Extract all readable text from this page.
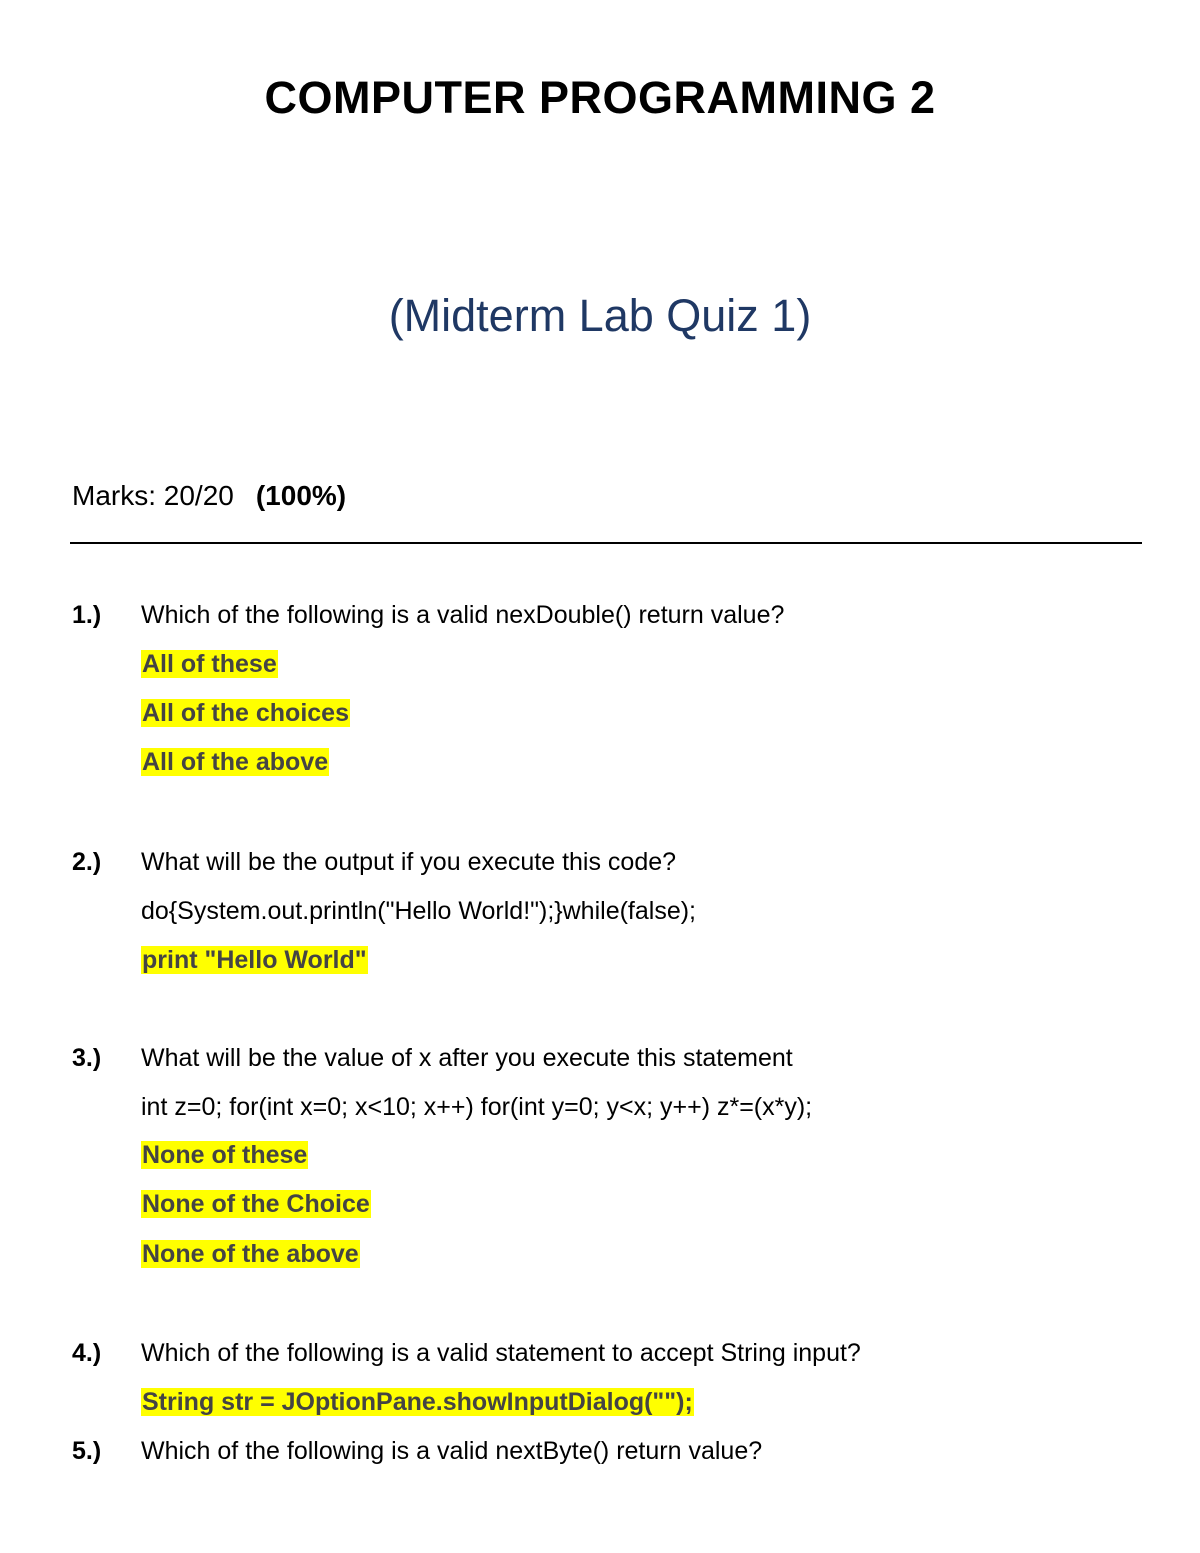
COMPUTER PROGRAMMING 2
(Midterm Lab Quiz 1)
Marks: 20/20 (100%)
1.) Which of the following is a valid nexDouble() return value?
All of these
All of the choices
All of the above
2.) What will be the output if you execute this code?
do{System.out.println("Hello World!");}while(false);
print "Hello World"
3.) What will be the value of x after you execute this statement
int z=0; for(int x=0; x<10; x++) for(int y=0; y<x; y++) z*=(x*y);
None of these
None of the Choice
None of the above
4.) Which of the following is a valid statement to accept String input?
String str = JOptionPane.showInputDialog("");
5.) Which of the following is a valid nextByte() return value?
